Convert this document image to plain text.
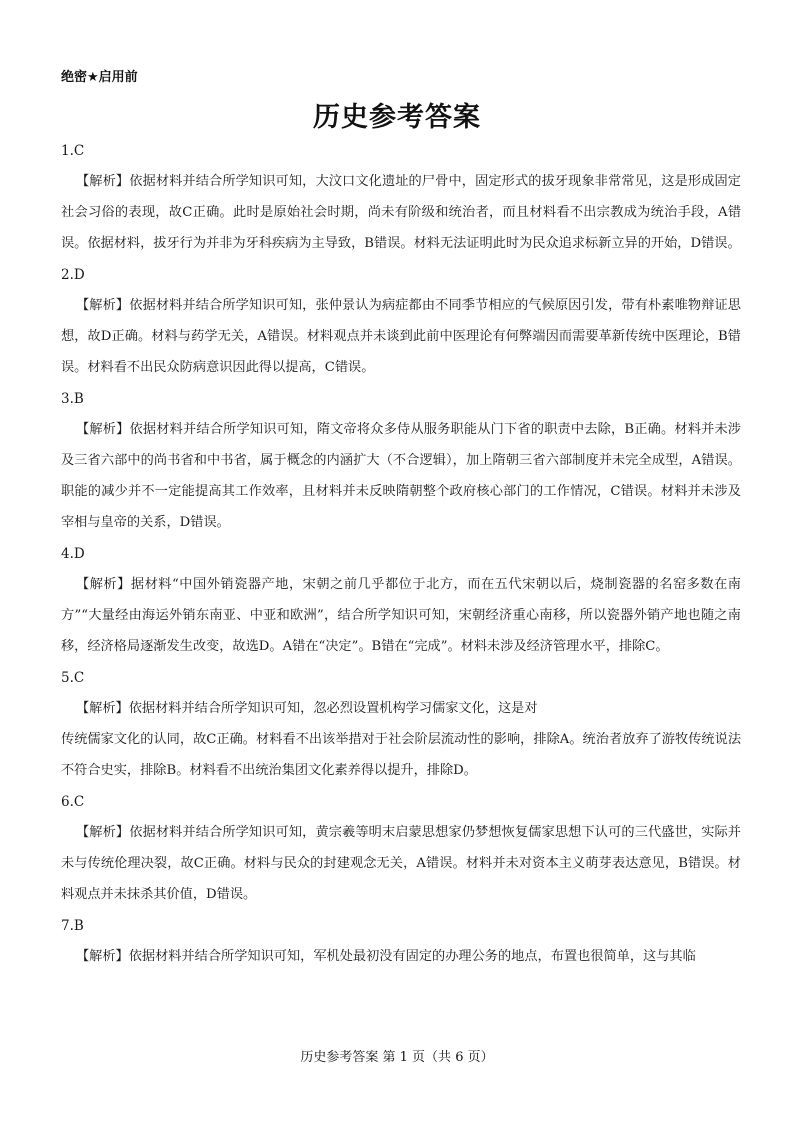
绝密★启用前
历史参考答案
1.C
【解析】依据材料并结合所学知识可知，大汶口文化遗址的尸骨中，固定形式的拔牙现象非常常见，这是形成固定社会习俗的表现，故C正确。此时是原始社会时期，尚未有阶级和统治者，而且材料看不出宗教成为统治手段，A错误。依据材料，拔牙行为并非为牙科疾病为主导致，B错误。材料无法证明此时为民众追求标新立异的开始，D错误。
2.D
【解析】依据材料并结合所学知识可知，张仲景认为病症都由不同季节相应的气候原因引发，带有朴素唯物辩证思想，故D正确。材料与药学无关，A错误。材料观点并未谈到此前中医理论有何弊端因而需要革新传统中医理论，B错误。材料看不出民众防病意识因此得以提高，C错误。
3.B
【解析】依据材料并结合所学知识可知，隋文帝将众多侍从服务职能从门下省的职责中去除，B正确。材料并未涉及三省六部中的尚书省和中书省，属于概念的内涵扩大（不合逻辑），加上隋朝三省六部制度并未完全成型，A错误。职能的减少并不一定能提高其工作效率，且材料并未反映隋朝整个政府核心部门的工作情况，C错误。材料并未涉及宰相与皇帝的关系，D错误。
4.D
【解析】据材料“中国外销瓷器产地，宋朝之前几乎都位于北方，而在五代宋朝以后，烧制瓷器的名窑多数在南方”“大量经由海运外销东南亚、中亚和欧洲”，结合所学知识可知，宋朝经济重心南移，所以瓷器外销产地也随之南移，经济格局逐渐发生改变，故选D。A错在“决定”。B错在“完成”。材料未涉及经济管理水平，排除C。
5.C
【解析】依据材料并结合所学知识可知，忽必烈设置机构学习儒家文化，这是对
传统儒家文化的认同，故C正确。材料看不出该举措对于社会阶层流动性的影响，排除A。统治者放弃了游牧传统说法不符合史实，排除B。材料看不出统治集团文化素养得以提升，排除D。
6.C
【解析】依据材料并结合所学知识可知，黄宗羲等明末启蒙思想家仍梦想恢复儒家思想下认可的三代盛世，实际并未与传统伦理决裂，故C正确。材料与民众的封建观念无关，A错误。材料并未对资本主义萌芽表达意见，B错误。材料观点并未抹杀其价值，D错误。
7.B
【解析】依据材料并结合所学知识可知，军机处最初没有固定的办理公务的地点，布置也很简单，这与其临
历史参考答案 第 1 页（共 6 页）
